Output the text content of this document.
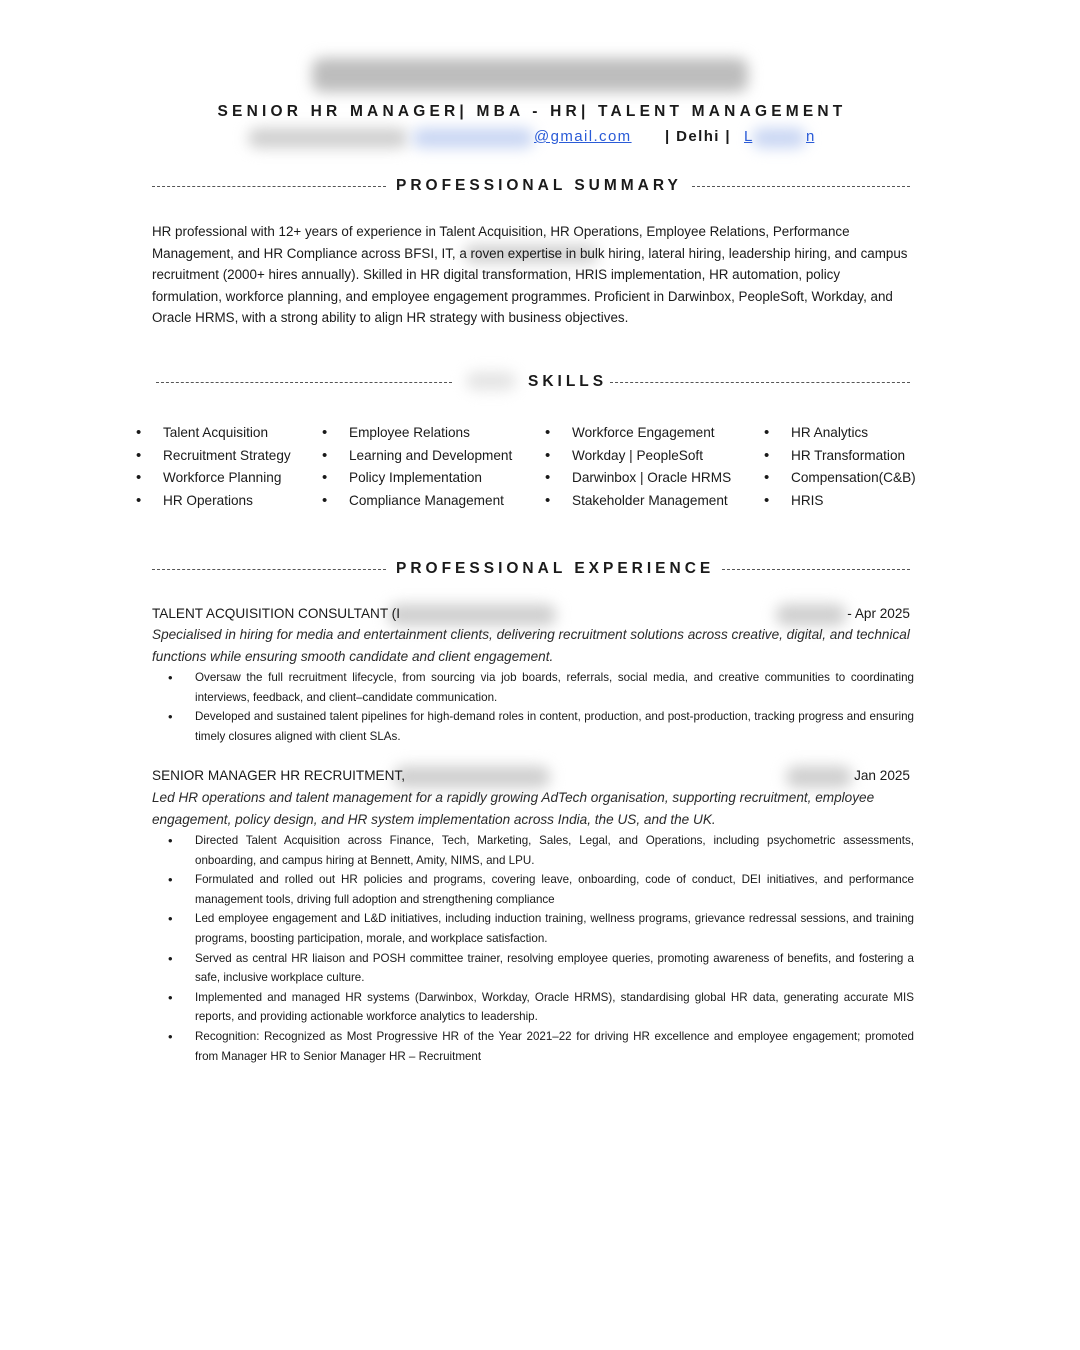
SENIOR HR MANAGER| MBA - HR| TALENT MANAGEMENT
@gmail.com | Delhi | L	n
PROFESSIONAL SUMMARY

HR professional with 12+ years of experience in Talent Acquisition, HR Operations, Employee Relations, Performance Management, and HR Compliance across BFSI, IT, a roven expertise in bulk hiring, lateral hiring, leadership hiring, and campus recruitment (2000+ hires annually). Skilled in HR digital transformation, HRIS implementation, HR automation, policy formulation, workforce planning, and employee engagement programmes. Proficient in Darwinbox, PeopleSoft, Workday, and Oracle HRMS, with a strong ability to align HR strategy with business objectives.

SKILLS
• Talent Acquisition
• Recruitment Strategy
• Workforce Planning
• HR Operations
• Employee Relations
• Learning and Development
• Policy Implementation
• Compliance Management
• Workforce Engagement
• Workday | PeopleSoft
• Darwinbox | Oracle HRMS
• Stakeholder Management
• HR Analytics
• HR Transformation
• Compensation(C&B)
• HRIS
PROFESSIONAL EXPERIENCE
TALENT ACQUISITION CONSULTANT (I	- Apr 2025

Specialised in hiring for media and entertainment clients, delivering recruitment solutions across creative, digital, and technical functions while ensuring smooth candidate and client engagement.

• Oversaw the full recruitment lifecycle, from sourcing via job boards, referrals, social media, and creative communities to coordinating interviews, feedback, and client–candidate communication.
• Developed and sustained talent pipelines for high-demand roles in content, production, and post-production, tracking progress and ensuring timely closures aligned with client SLAs.
SENIOR MANAGER HR RECRUITMENT,	Jan 2025

Led HR operations and talent management for a rapidly growing AdTech organisation, supporting recruitment, employee engagement, policy design, and HR system implementation across India, the US, and the UK.

• Directed Talent Acquisition across Finance, Tech, Marketing, Sales, Legal, and Operations, including psychometric assessments, onboarding, and campus hiring at Bennett, Amity, NIMS, and LPU.
• Formulated and rolled out HR policies and programs, covering leave, onboarding, code of conduct, DEI initiatives, and performance management tools, driving full adoption and strengthening compliance
• Led employee engagement and L&D initiatives, including induction training, wellness programs, grievance redressal sessions, and training programs, boosting participation, morale, and workplace satisfaction.
• Served as central HR liaison and POSH committee trainer, resolving employee queries, promoting awareness of benefits, and fostering a safe, inclusive workplace culture.
• Implemented and managed HR systems (Darwinbox, Workday, Oracle HRMS), standardising global HR data, generating accurate MIS reports, and providing actionable workforce analytics to leadership.
• Recognition: Recognized as Most Progressive HR of the Year 2021–22 for driving HR excellence and employee engagement; promoted from Manager HR to Senior Manager HR – Recruitment
